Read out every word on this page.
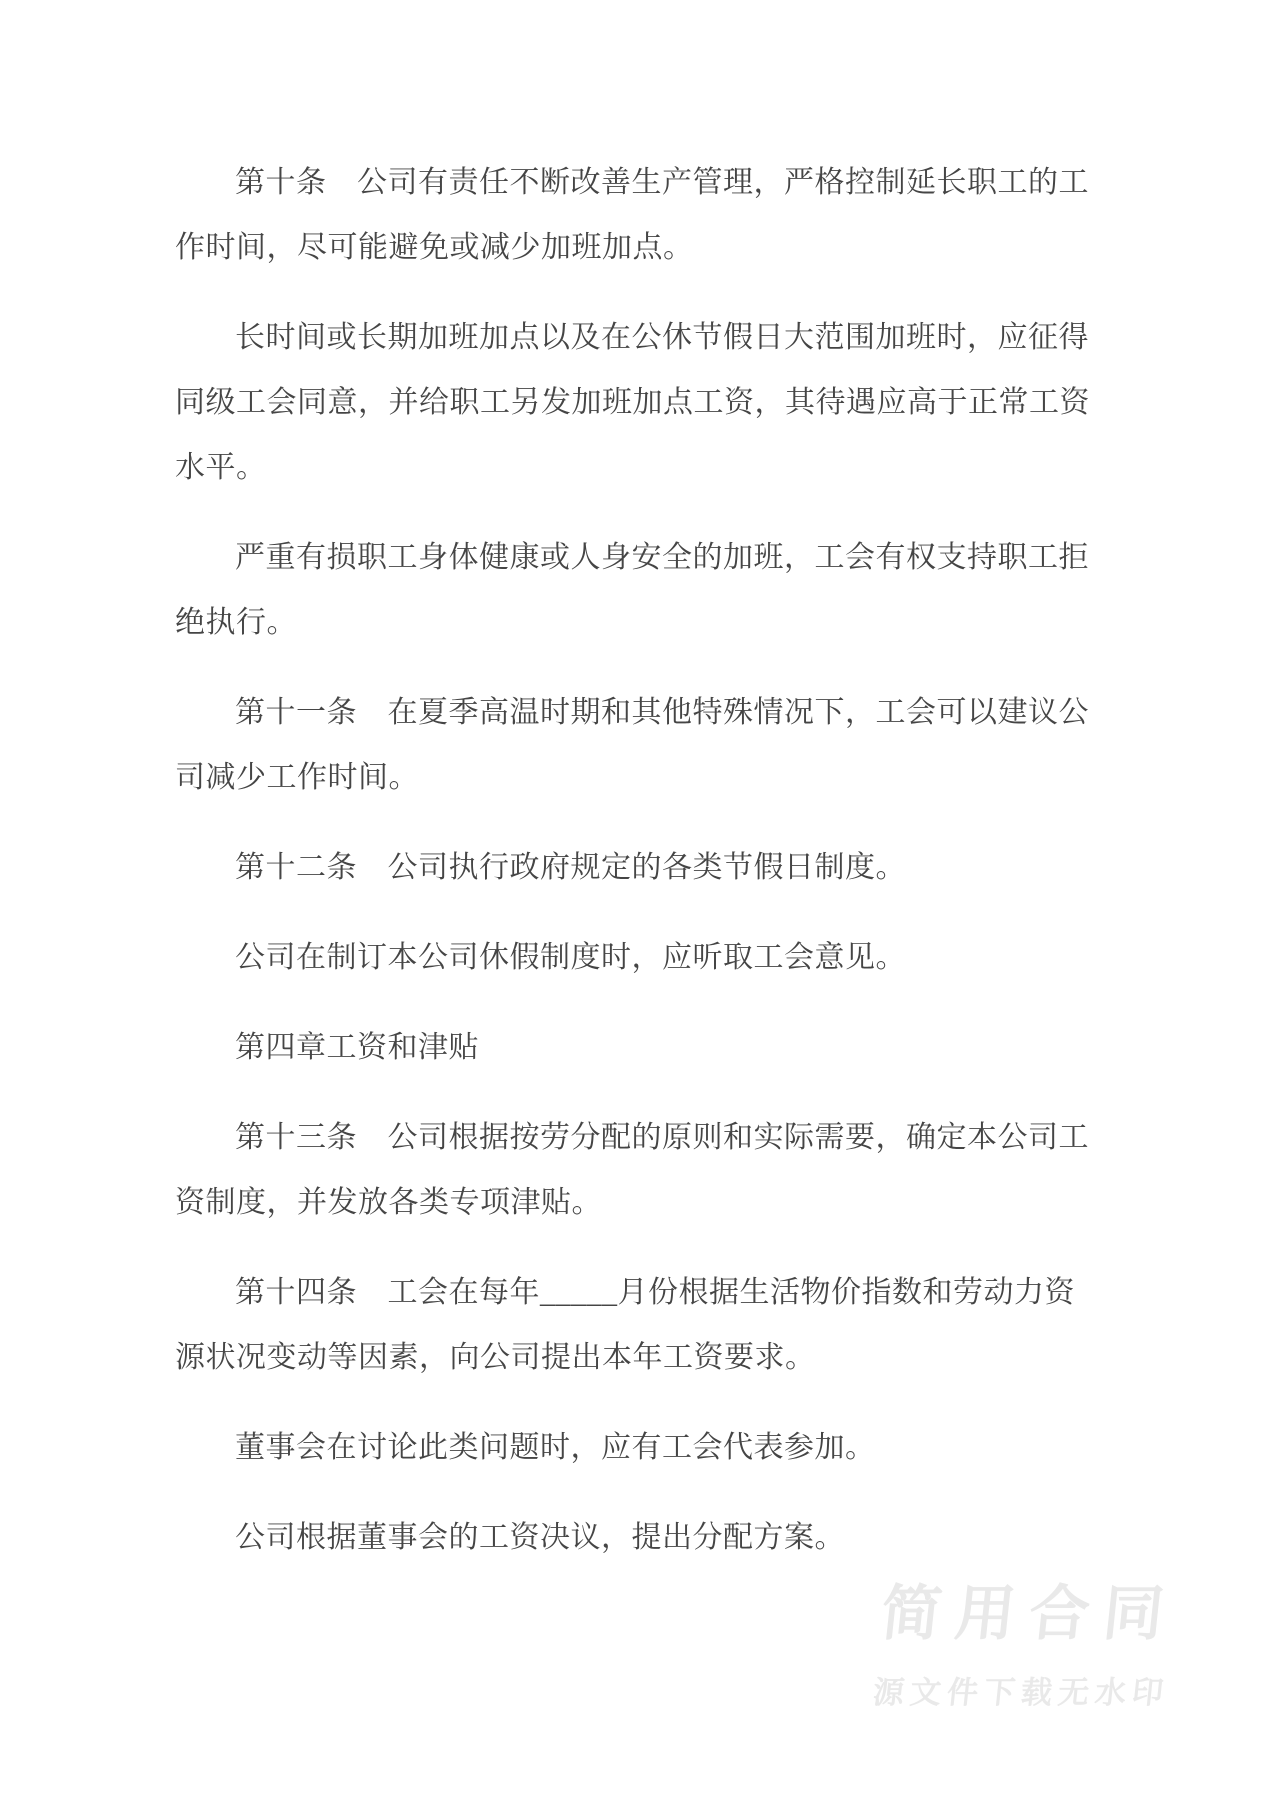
第十条　公司有责任不断改善生产管理，严格控制延长职工的工
作时间，尽可能避免或减少加班加点。

长时间或长期加班加点以及在公休节假日大范围加班时，应征得
同级工会同意，并给职工另发加班加点工资，其待遇应高于正常工资
水平。

严重有损职工身体健康或人身安全的加班，工会有权支持职工拒
绝执行。

第十一条　在夏季高温时期和其他特殊情况下，工会可以建议公
司减少工作时间。

第十二条　公司执行政府规定的各类节假日制度。

公司在制订本公司休假制度时，应听取工会意见。

第四章工资和津贴

第十三条　公司根据按劳分配的原则和实际需要，确定本公司工
资制度，并发放各类专项津贴。

第十四条　工会在每年_____月份根据生活物价指数和劳动力资
源状况变动等因素，向公司提出本年工资要求。

董事会在讨论此类问题时，应有工会代表参加。

公司根据董事会的工资决议，提出分配方案。

简用合同
源文件下载无水印
